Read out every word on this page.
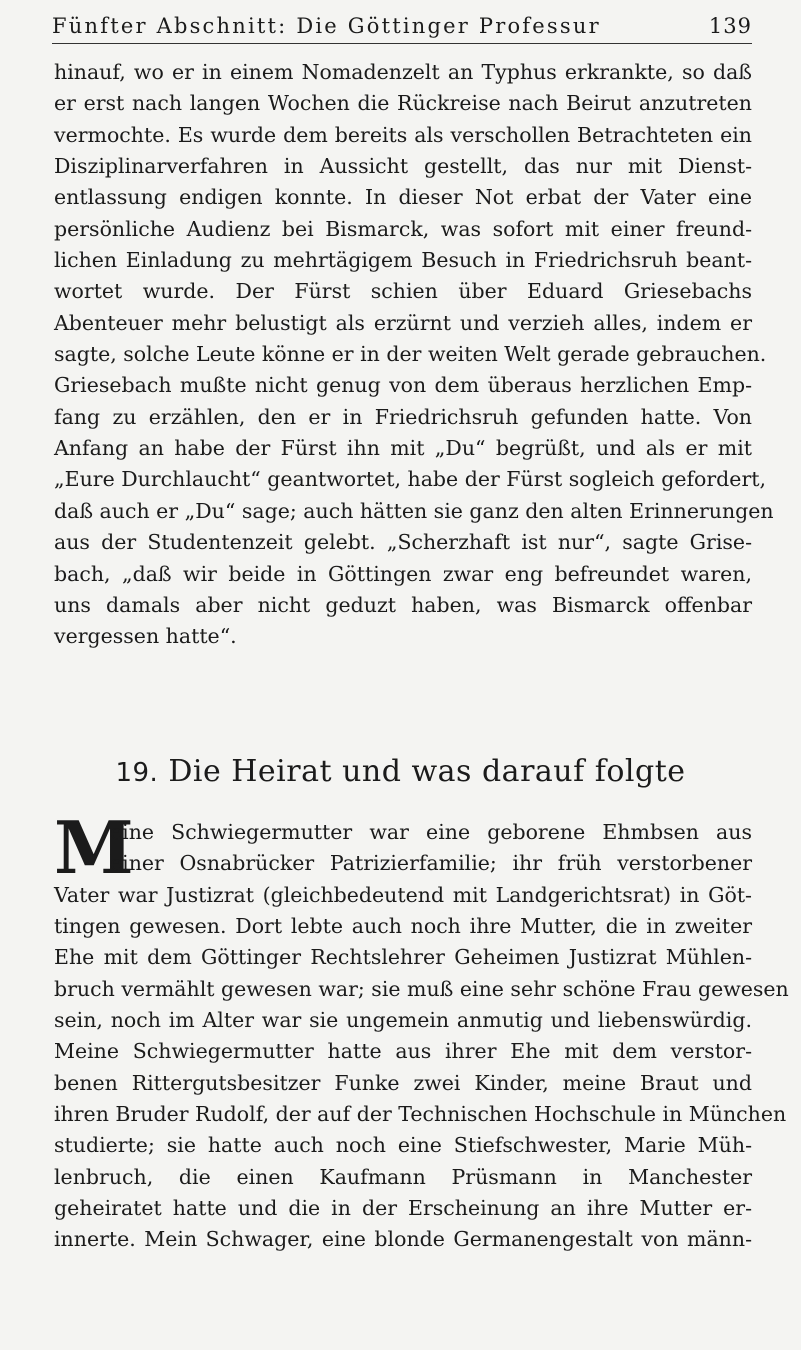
Fünfter Abschnitt: Die Göttinger Professur	139

hinauf, wo er in einem Nomadenzelt an Typhus erkrankte, so daß
er erst nach langen Wochen die Rückreise nach Beirut anzutreten
vermochte. Es wurde dem bereits als verschollen Betrachteten ein
Disziplinarverfahren in Aussicht gestellt, das nur mit Dienst-
entlassung endigen konnte. In dieser Not erbat der Vater eine
persönliche Audienz bei Bismarck, was sofort mit einer freund-
lichen Einladung zu mehrtägigem Besuch in Friedrichsruh beant-
wortet wurde. Der Fürst schien über Eduard Griesebachs
Abenteuer mehr belustigt als erzürnt und verzieh alles, indem er
sagte, solche Leute könne er in der weiten Welt gerade gebrauchen.
Griesebach mußte nicht genug von dem überaus herzlichen Emp-
fang zu erzählen, den er in Friedrichsruh gefunden hatte. Von
Anfang an habe der Fürst ihn mit „Du“ begrüßt, und als er mit
„Eure Durchlaucht“ geantwortet, habe der Fürst sogleich gefordert,
daß auch er „Du“ sage; auch hätten sie ganz den alten Erinnerungen
aus der Studentenzeit gelebt. „Scherzhaft ist nur“, sagte Grise-
bach, „daß wir beide in Göttingen zwar eng befreundet waren,
uns damals aber nicht geduzt haben, was Bismarck offenbar
vergessen hatte“.

19. Die Heirat und was darauf folgte
M

eine Schwiegermutter war eine geborene Ehmbsen aus
einer Osnabrücker Patrizierfamilie; ihr früh verstorbener
Vater war Justizrat (gleichbedeutend mit Landgerichtsrat) in Göt-
tingen gewesen. Dort lebte auch noch ihre Mutter, die in zweiter
Ehe mit dem Göttinger Rechtslehrer Geheimen Justizrat Mühlen-
bruch vermählt gewesen war; sie muß eine sehr schöne Frau gewesen
sein, noch im Alter war sie ungemein anmutig und liebenswürdig.
Meine Schwiegermutter hatte aus ihrer Ehe mit dem verstor-
benen Rittergutsbesitzer Funke zwei Kinder, meine Braut und
ihren Bruder Rudolf, der auf der Technischen Hochschule in München
studierte; sie hatte auch noch eine Stiefschwester, Marie Müh-
lenbruch, die einen Kaufmann Prüsmann in Manchester
geheiratet hatte und die in der Erscheinung an ihre Mutter er-
innerte. Mein Schwager, eine blonde Germanengestalt von männ-
